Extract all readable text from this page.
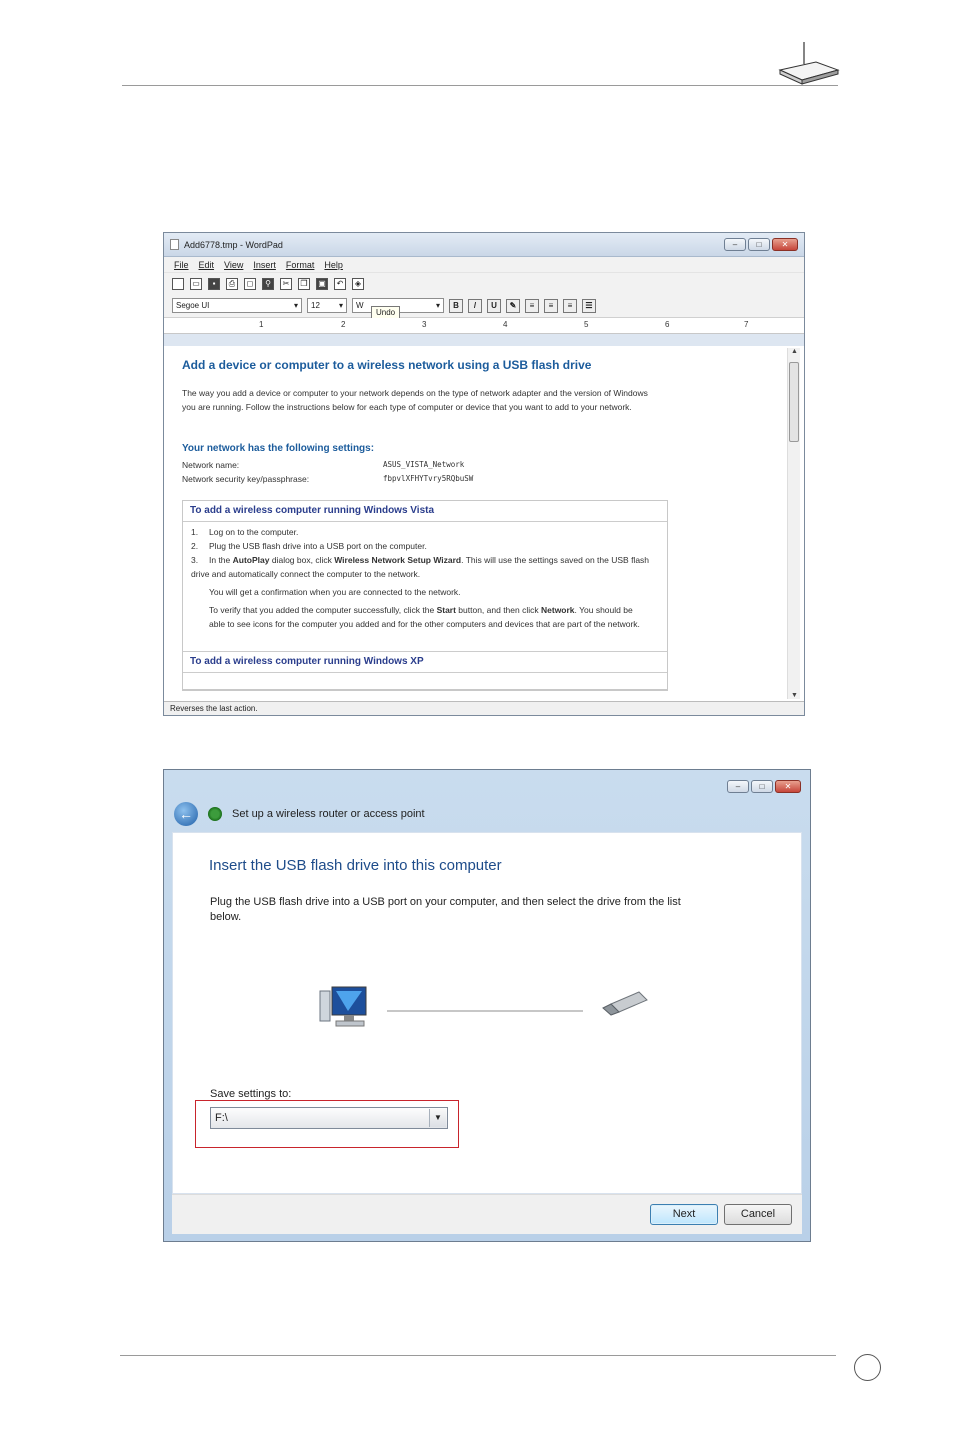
Add6778.tmp - WordPad	–	□	✕
File Edit View Insert Format Help
▭	▪	⎙	◻	⚲	✂	❐	▣	↶	◈
Segoe UI ▾	12 ▾	W ▾	B	/	U	✎	≡	≡	≡	☰
Undo
1	2	3	4	5	6	7
Add a device or computer to a wireless network using a USB flash drive
The way you add a device or computer to your network depends on the type of network adapter and the version of Windows you are running. Follow the instructions below for each type of computer or device that you want to add to your network.
Your network has the following settings:
Network name:	ASUS_VISTA_Network
Network security key/passphrase:	fbpvlXFHYTvry5RQbuSW
To add a wireless computer running Windows Vista
1. Log on to the computer.
2. Plug the USB flash drive into a USB port on the computer.
3. In the AutoPlay dialog box, click Wireless Network Setup Wizard. This will use the settings saved on the USB flash drive and automatically connect the computer to the network.
You will get a confirmation when you are connected to the network.
To verify that you added the computer successfully, click the Start button, and then click Network. You should be able to see icons for the computer you added and for the other computers and devices that are part of the network.
To add a wireless computer running Windows XP
▲
▼
Reverses the last action.
–	□	✕
←	Set up a wireless router or access point
Insert the USB flash drive into this computer
Plug the USB flash drive into a USB port on your computer, and then select the drive from the list below.
Save settings to:
F:\	▼
Next	Cancel
